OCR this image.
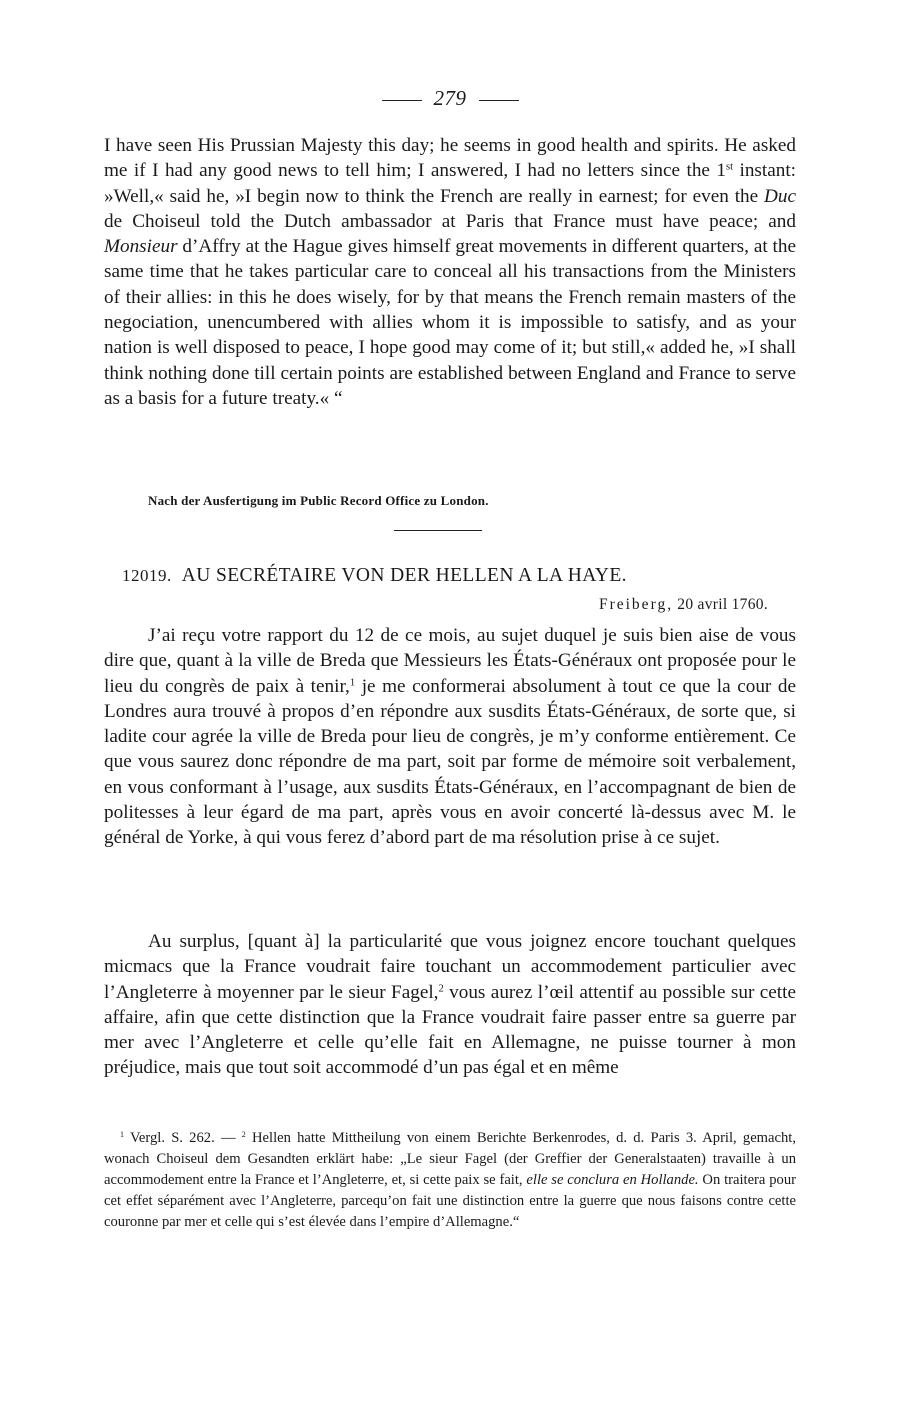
279
I have seen His Prussian Majesty this day; he seems in good health and spirits. He asked me if I had any good news to tell him; I answered, I had no letters since the 1st instant: »Well,« said he, »I begin now to think the French are really in earnest; for even the Duc de Choiseul told the Dutch ambassador at Paris that France must have peace; and Monsieur d’Affry at the Hague gives himself great movements in different quarters, at the same time that he takes particular care to conceal all his transactions from the Ministers of their allies: in this he does wisely, for by that means the French remain masters of the negociation, unencumbered with allies whom it is impossible to satisfy, and as your nation is well disposed to peace, I hope good may come of it; but still,« added he, »I shall think nothing done till certain points are established between England and France to serve as a basis for a future treaty.« “
Nach der Ausfertigung im Public Record Office zu London.
12019. AU SECRÉTAIRE VON DER HELLEN A LA HAYE.
Freiberg, 20 avril 1760.
J’ai reçu votre rapport du 12 de ce mois, au sujet duquel je suis bien aise de vous dire que, quant à la ville de Breda que Messieurs les États-Généraux ont proposée pour le lieu du congrès de paix à tenir,$^1$ je me conformerai absolument à tout ce que la cour de Londres aura trouvé à propos d’en répondre aux susdits États-Généraux, de sorte que, si ladite cour agrée la ville de Breda pour lieu de congrès, je m’y conforme entièrement. Ce que vous saurez donc répondre de ma part, soit par forme de mémoire soit verbalement, en vous conformant à l’usage, aux susdits États-Généraux, en l’accompagnant de bien de politesses à leur égard de ma part, après vous en avoir concerté là-dessus avec M. le général de Yorke, à qui vous ferez d’abord part de ma résolution prise à ce sujet.
Au surplus, [quant à] la particularité que vous joignez encore touchant quelques micmacs que la France voudrait faire touchant un accommodement particulier avec l’Angleterre à moyenner par le sieur Fagel,$^2$ vous aurez l’œil attentif au possible sur cette affaire, afin que cette distinction que la France voudrait faire passer entre sa guerre par mer avec l’Angleterre et celle qu’elle fait en Allemagne, ne puisse tourner à mon préjudice, mais que tout soit accommodé d’un pas égal et en même
$^1$ Vergl. S. 262. — $^2$ Hellen hatte Mittheilung von einem Berichte Berkenrodes, d. d. Paris 3. April, gemacht, wonach Choiseul dem Gesandten erklärt habe: „Le sieur Fagel (der Greffier der Generalstaaten) travaille à un accommodement entre la France et l’Angleterre, et, si cette paix se fait, elle se conclura en Hollande. On traitera pour cet effet séparément avec l’Angleterre, parcequ’on fait une distinction entre la guerre que nous faisons contre cette couronne par mer et celle qui s’est élevée dans l’empire d’Allemagne.“
